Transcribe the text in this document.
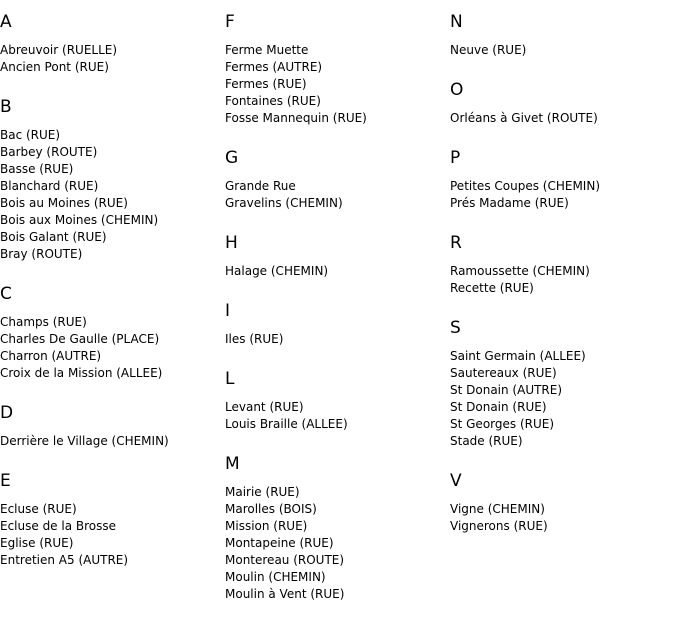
A
Abreuvoir (RUELLE)
Ancien Pont (RUE)
B
Bac (RUE)
Barbey (ROUTE)
Basse (RUE)
Blanchard (RUE)
Bois au Moines (RUE)
Bois aux Moines (CHEMIN)
Bois Galant (RUE)
Bray (ROUTE)
C
Champs (RUE)
Charles De Gaulle (PLACE)
Charron (AUTRE)
Croix de la Mission (ALLEE)
D
Derrière le Village (CHEMIN)
E
Ecluse (RUE)
Ecluse de la Brosse
Eglise (RUE)
Entretien A5 (AUTRE)
F
Ferme Muette
Fermes (AUTRE)
Fermes (RUE)
Fontaines (RUE)
Fosse Mannequin (RUE)
G
Grande Rue
Gravelins (CHEMIN)
H
Halage (CHEMIN)
I
Iles (RUE)
L
Levant (RUE)
Louis Braille (ALLEE)
M
Mairie (RUE)
Marolles (BOIS)
Mission (RUE)
Montapeine (RUE)
Montereau (ROUTE)
Moulin (CHEMIN)
Moulin à Vent (RUE)
N
Neuve (RUE)
O
Orléans à Givet (ROUTE)
P
Petites Coupes (CHEMIN)
Prés Madame (RUE)
R
Ramoussette (CHEMIN)
Recette (RUE)
S
Saint Germain (ALLEE)
Sautereaux (RUE)
St Donain (AUTRE)
St Donain (RUE)
St Georges (RUE)
Stade (RUE)
V
Vigne (CHEMIN)
Vignerons (RUE)
